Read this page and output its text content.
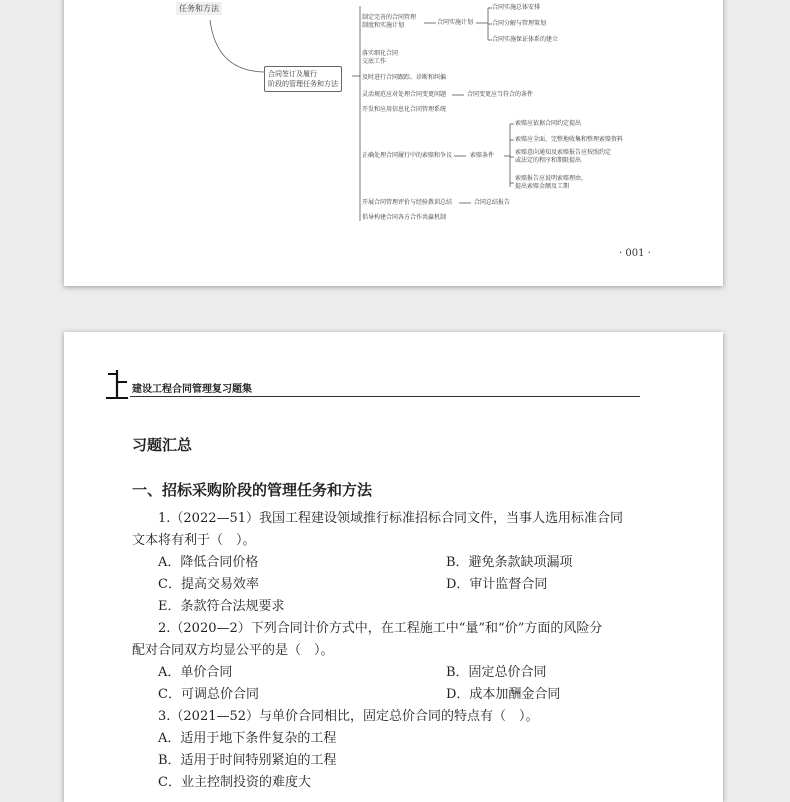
任务和方法
合同签订及履行
阶段的管理任务和方法
制定完善的合同管理
制度和实施计划	合同实施计划
合同实施总体安排
合同分解与管理策划
合同实施保证体系的建立
落实细化合同
交底工作
及时进行合同跟踪、诊断和纠偏
灵活规范应对处理合同变更问题	合同变更应当符合的条件
开发和应用信息化合同管理系统
正确处理合同履行中的索赔和争议	索赔条件
索赔应依据合同约定提出
索赔应全面、完整地收集和整理索赔资料
索赔意向通知及索赔报告应按照约定
或法定的程序和期限提出
索赔报告应说明索赔理由，
提出索赔金额及工期
开展合同管理评价与经验教训总结	合同总结报告
倡导构建合同各方合作共赢机制
· 001 ·
建设工程合同管理复习题集
习题汇总
一、招标采购阶段的管理任务和方法
1.（2022—51）我国工程建设领域推行标准招标合同文件，当事人选用标准合同
文本将有利于（　）。
A．降低合同价格	B．避免条款缺项漏项
C．提高交易效率	D．审计监督合同
E．条款符合法规要求
2.（2020—2）下列合同计价方式中，在工程施工中“量”和“价”方面的风险分
配对合同双方均显公平的是（　）。
A．单价合同	B．固定总价合同
C．可调总价合同	D．成本加酬金合同
3.（2021—52）与单价合同相比，固定总价合同的特点有（　）。
A．适用于地下条件复杂的工程
B．适用于时间特别紧迫的工程
C．业主控制投资的难度大
